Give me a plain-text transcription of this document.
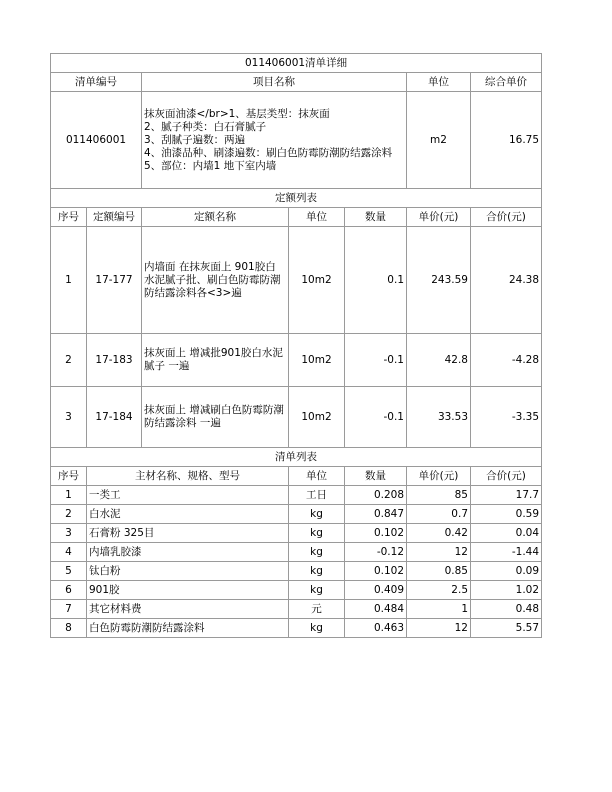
011406001清单详细						
清单编号		项目名称			单位	综合单价
011406001		抹灰面油漆</br>1、基层类型：抹灰面
2、腻子种类：白石膏腻子
3、刮腻子遍数：两遍
4、油漆品种、刷漆遍数：刷白色防霉防潮防结露涂料
5、部位：内墙1 地下室内墙			m2	16.75
定额列表						
序号	定额编号	定额名称	单位	数量	单价(元)	合价(元)
1	17-177	内墙面 在抹灰面上 901胶白水泥腻子批、刷白色防霉防潮防结露涂料各<3>遍	10m2	0.1	243.59	24.38
2	17-183	抹灰面上 增减批901胶白水泥腻子 一遍	10m2	-0.1	42.8	-4.28
3	17-184	抹灰面上 增减刷白色防霉防潮防结露涂料 一遍	10m2	-0.1	33.53	-3.35
清单列表						
序号	主材名称、规格、型号		单位	数量	单价(元)	合价(元)
1	一类工		工日	0.208	85	17.7
2	白水泥		kg	0.847	0.7	0.59
3	石膏粉 325目		kg	0.102	0.42	0.04
4	内墙乳胶漆		kg	-0.12	12	-1.44
5	钛白粉		kg	0.102	0.85	0.09
6	901胶		kg	0.409	2.5	1.02
7	其它材料费		元	0.484	1	0.48
8	白色防霉防潮防结露涂料		kg	0.463	12	5.57
